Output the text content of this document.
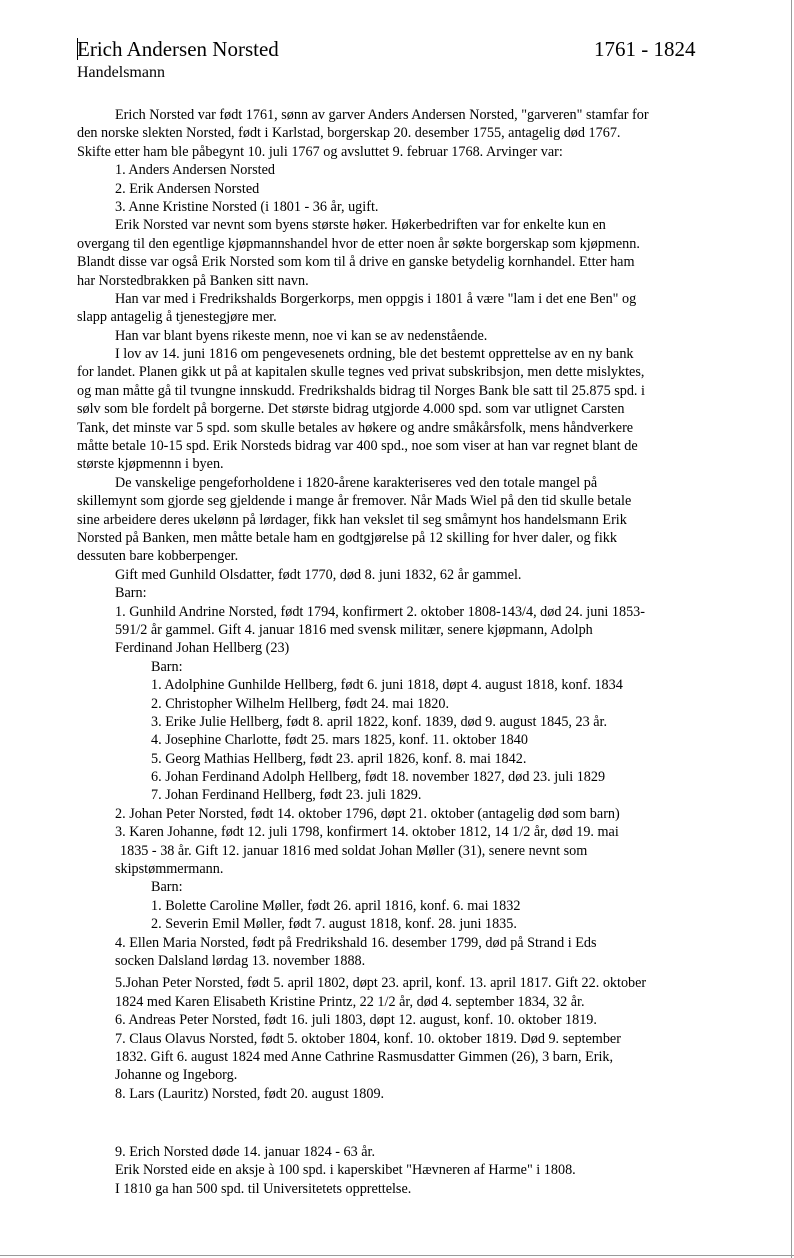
Erich Andersen Norsted	1761 - 1824
Handelsmann
Erich Norsted var født 1761, sønn av garver Anders Andersen Norsted, "garveren" stamfar for
den norske slekten Norsted, født i Karlstad, borgerskap 20. desember 1755, antagelig død 1767.
Skifte etter ham ble påbegynt 10. juli 1767 og avsluttet 9. februar 1768. Arvinger var:
1. Anders Andersen Norsted
2. Erik Andersen Norsted
3. Anne Kristine Norsted (i 1801 - 36 år, ugift.
Erik Norsted var nevnt som byens største høker. Høkerbedriften var for enkelte kun en
overgang til den egentlige kjøpmannshandel hvor de etter noen år søkte borgerskap som kjøpmenn.
Blandt disse var også Erik Norsted som kom til å drive en ganske betydelig kornhandel. Etter ham
har Norstedbrakken på Banken sitt navn.
Han var med i Fredrikshalds Borgerkorps, men oppgis i 1801 å være "lam i det ene Ben" og
slapp antagelig å tjenestegjøre mer.
Han var blant byens rikeste menn, noe vi kan se av nedenstående.
I lov av 14. juni 1816 om pengevesenets ordning, ble det bestemt opprettelse av en ny bank
for landet. Planen gikk ut på at kapitalen skulle tegnes ved privat subskribsjon, men dette mislyktes,
og man måtte gå til tvungne innskudd. Fredrikshalds bidrag til Norges Bank ble satt til 25.875 spd. i
sølv som ble fordelt på borgerne. Det største bidrag utgjorde 4.000 spd. som var utlignet Carsten
Tank, det minste var 5 spd. som skulle betales av høkere og andre småkårsfolk, mens håndverkere
måtte betale 10-15 spd. Erik Norsteds bidrag var 400 spd., noe som viser at han var regnet blant de
største kjøpmennn i byen.
De vanskelige pengeforholdene i 1820-årene karakteriseres ved den totale mangel på
skillemynt som gjorde seg gjeldende i mange år fremover. Når Mads Wiel på den tid skulle betale
sine arbeidere deres ukelønn på lørdager, fikk han vekslet til seg småmynt hos handelsmann Erik
Norsted på Banken, men måtte betale ham en godtgjørelse på 12 skilling for hver daler, og fikk
dessuten bare kobberpenger.
Gift med Gunhild Olsdatter, født 1770, død 8. juni 1832, 62 år gammel.
Barn:
1. Gunhild Andrine Norsted, født 1794, konfirmert 2. oktober 1808-143/4, død 24. juni 1853-
591/2 år gammel. Gift 4. januar 1816 med svensk militær, senere kjøpmann, Adolph
Ferdinand Johan Hellberg (23)
Barn:
1. Adolphine Gunhilde Hellberg, født 6. juni 1818, døpt 4. august 1818, konf. 1834
2. Christopher Wilhelm Hellberg, født 24. mai 1820.
3. Erike Julie Hellberg, født 8. april 1822, konf. 1839, død 9. august 1845, 23 år.
4. Josephine Charlotte, født 25. mars 1825, konf. 11. oktober 1840
5. Georg Mathias Hellberg, født 23. april 1826, konf. 8. mai 1842.
6. Johan Ferdinand Adolph Hellberg, født 18. november 1827, død 23. juli 1829
7. Johan Ferdinand Hellberg, født 23. juli 1829.
2. Johan Peter Norsted, født 14. oktober 1796, døpt 21. oktober (antagelig død som barn)
3. Karen Johanne, født 12. juli 1798, konfirmert 14. oktober 1812, 14 1/2 år, død 19. mai
1835 - 38 år. Gift 12. januar 1816 med soldat Johan Møller (31), senere nevnt som
skipstømmermann.
Barn:
1. Bolette Caroline Møller, født 26. april 1816, konf. 6. mai 1832
2. Severin Emil Møller, født 7. august 1818, konf. 28. juni 1835.
4. Ellen Maria Norsted, født på Fredrikshald 16. desember 1799, død på Strand i Eds
socken Dalsland lørdag 13. november 1888.
5.Johan Peter Norsted, født 5. april 1802, døpt 23. april, konf. 13. april 1817. Gift 22. oktober
1824 med Karen Elisabeth Kristine Printz, 22 1/2 år, død 4. september 1834, 32 år.
6. Andreas Peter Norsted, født 16. juli 1803, døpt 12. august, konf. 10. oktober 1819.
7. Claus Olavus Norsted, født 5. oktober 1804, konf. 10. oktober 1819. Død 9. september
1832. Gift 6. august 1824 med Anne Cathrine Rasmusdatter Gimmen (26), 3 barn, Erik,
Johanne og Ingeborg.
8. Lars (Lauritz) Norsted, født 20. august 1809.
9. Erich Norsted døde 14. januar 1824 - 63 år.
Erik Norsted eide en aksje à 100 spd. i kaperskibet "Hævneren af Harme" i 1808.
I 1810 ga han 500 spd. til Universitetets opprettelse.
